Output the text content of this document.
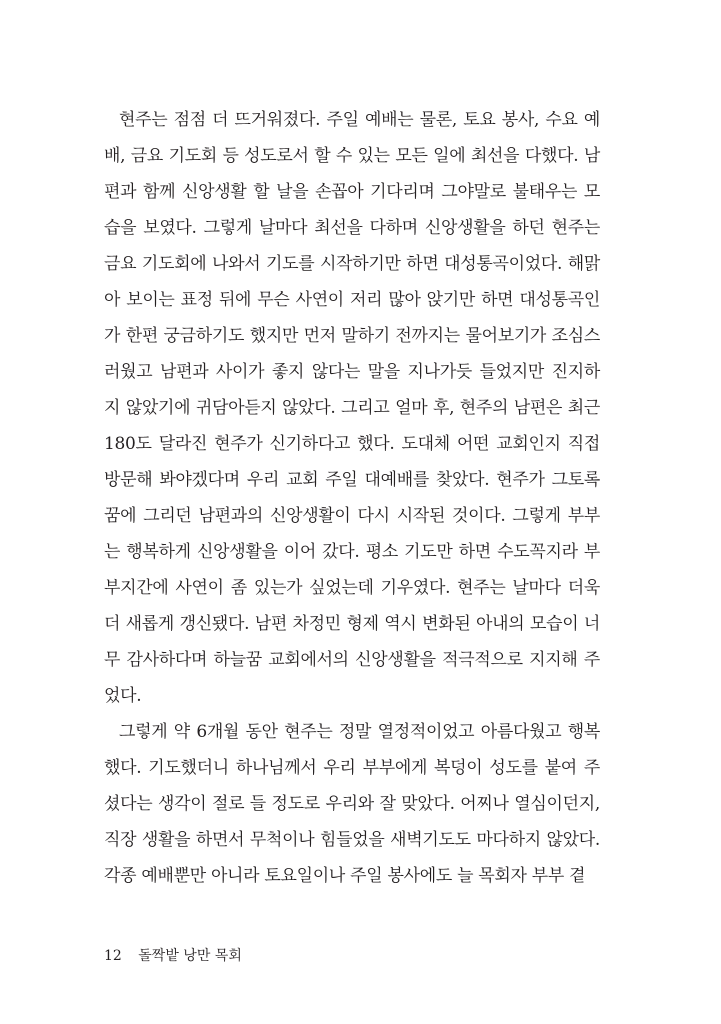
현주는 점점 더 뜨거워졌다. 주일 예배는 물론, 토요 봉사, 수요 예
배, 금요 기도회 등 성도로서 할 수 있는 모든 일에 최선을 다했다. 남
편과 함께 신앙생활 할 날을 손꼽아 기다리며 그야말로 불태우는 모
습을 보였다. 그렇게 날마다 최선을 다하며 신앙생활을 하던 현주는
금요 기도회에 나와서 기도를 시작하기만 하면 대성통곡이었다. 해맑
아 보이는 표정 뒤에 무슨 사연이 저리 많아 앉기만 하면 대성통곡인
가 한편 궁금하기도 했지만 먼저 말하기 전까지는 물어보기가 조심스
러웠고 남편과 사이가 좋지 않다는 말을 지나가듯 들었지만 진지하
지 않았기에 귀담아듣지 않았다. 그리고 얼마 후, 현주의 남편은 최근
180도 달라진 현주가 신기하다고 했다. 도대체 어떤 교회인지 직접
방문해 봐야겠다며 우리 교회 주일 대예배를 찾았다. 현주가 그토록
꿈에 그리던 남편과의 신앙생활이 다시 시작된 것이다. 그렇게 부부
는 행복하게 신앙생활을 이어 갔다. 평소 기도만 하면 수도꼭지라 부
부지간에 사연이 좀 있는가 싶었는데 기우였다. 현주는 날마다 더욱
더 새롭게 갱신됐다. 남편 차정민 형제 역시 변화된 아내의 모습이 너
무 감사하다며 하늘꿈 교회에서의 신앙생활을 적극적으로 지지해 주
었다.
그렇게 약 6개월 동안 현주는 정말 열정적이었고 아름다웠고 행복
했다. 기도했더니 하나님께서 우리 부부에게 복덩이 성도를 붙여 주
셨다는 생각이 절로 들 정도로 우리와 잘 맞았다. 어찌나 열심이던지,
직장 생활을 하면서 무척이나 힘들었을 새벽기도도 마다하지 않았다.
각종 예배뿐만 아니라 토요일이나 주일 봉사에도 늘 목회자 부부 곁
12 돌짝밭 낭만 목회
